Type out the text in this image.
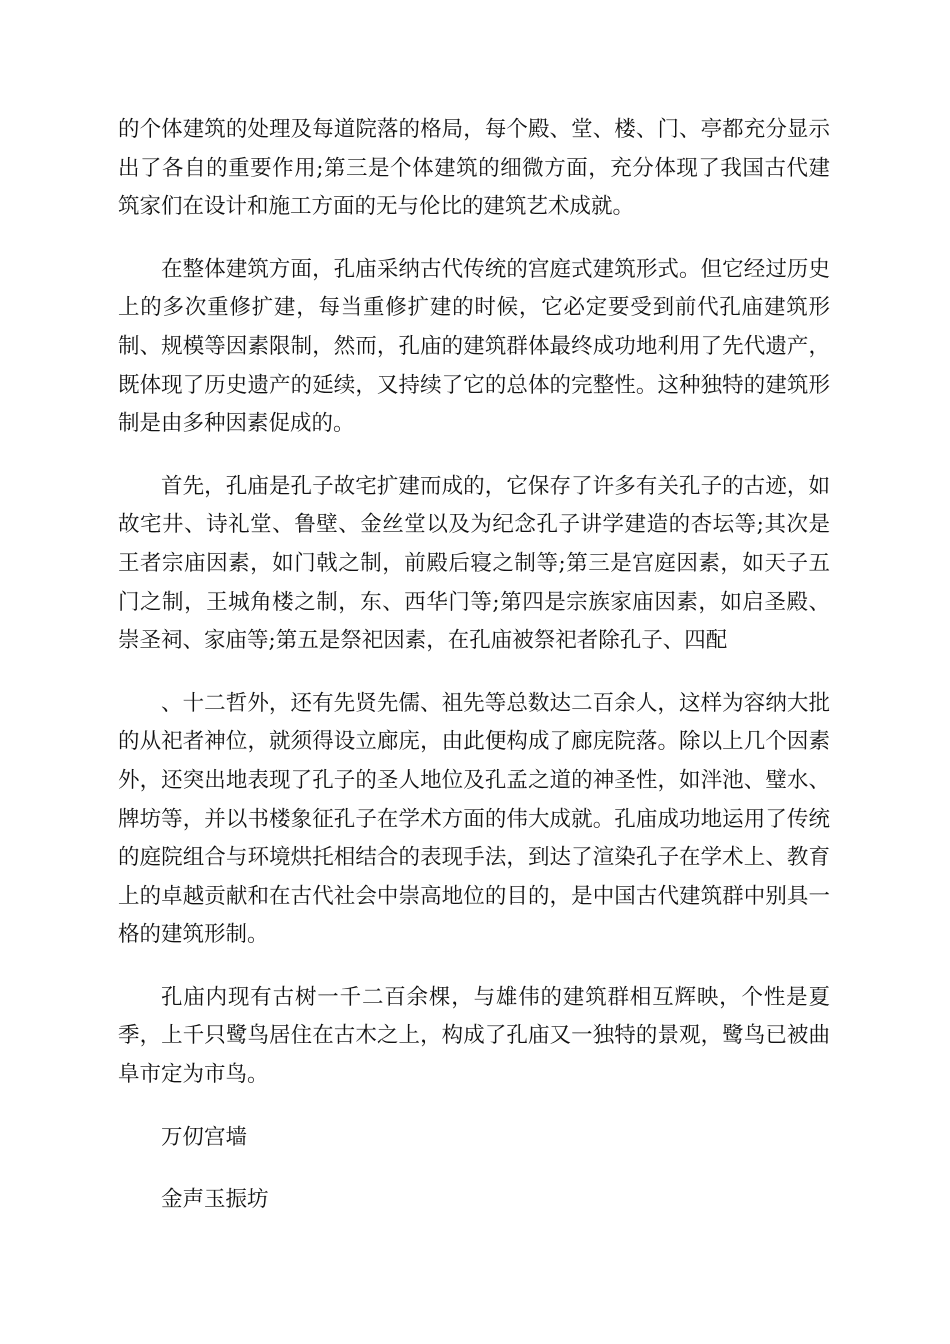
的个体建筑的处理及每道院落的格局，每个殿、堂、楼、门、亭都充分显示出了各自的重要作用;第三是个体建筑的细微方面，充分体现了我国古代建筑家们在设计和施工方面的无与伦比的建筑艺术成就。

在整体建筑方面，孔庙采纳古代传统的宫庭式建筑形式。但它经过历史上的多次重修扩建，每当重修扩建的时候，它必定要受到前代孔庙建筑形制、规模等因素限制，然而，孔庙的建筑群体最终成功地利用了先代遗产，既体现了历史遗产的延续，又持续了它的总体的完整性。这种独特的建筑形制是由多种因素促成的。

首先，孔庙是孔子故宅扩建而成的，它保存了许多有关孔子的古迹，如故宅井、诗礼堂、鲁壁、金丝堂以及为纪念孔子讲学建造的杏坛等;其次是王者宗庙因素，如门戟之制，前殿后寝之制等;第三是宫庭因素，如天子五门之制，王城角楼之制，东、西华门等;第四是宗族家庙因素，如启圣殿、崇圣祠、家庙等;第五是祭祀因素，在孔庙被祭祀者除孔子、四配

、十二哲外，还有先贤先儒、祖先等总数达二百余人，这样为容纳大批的从祀者神位，就须得设立廊庑，由此便构成了廊庑院落。除以上几个因素外，还突出地表现了孔子的圣人地位及孔孟之道的神圣性，如泮池、璧水、牌坊等，并以书楼象征孔子在学术方面的伟大成就。孔庙成功地运用了传统的庭院组合与环境烘托相结合的表现手法，到达了渲染孔子在学术上、教育上的卓越贡献和在古代社会中崇高地位的目的，是中国古代建筑群中别具一格的建筑形制。

孔庙内现有古树一千二百余棵，与雄伟的建筑群相互辉映，个性是夏季，上千只鹭鸟居住在古木之上，构成了孔庙又一独特的景观，鹭鸟已被曲阜市定为市鸟。

万仞宫墙

金声玉振坊
